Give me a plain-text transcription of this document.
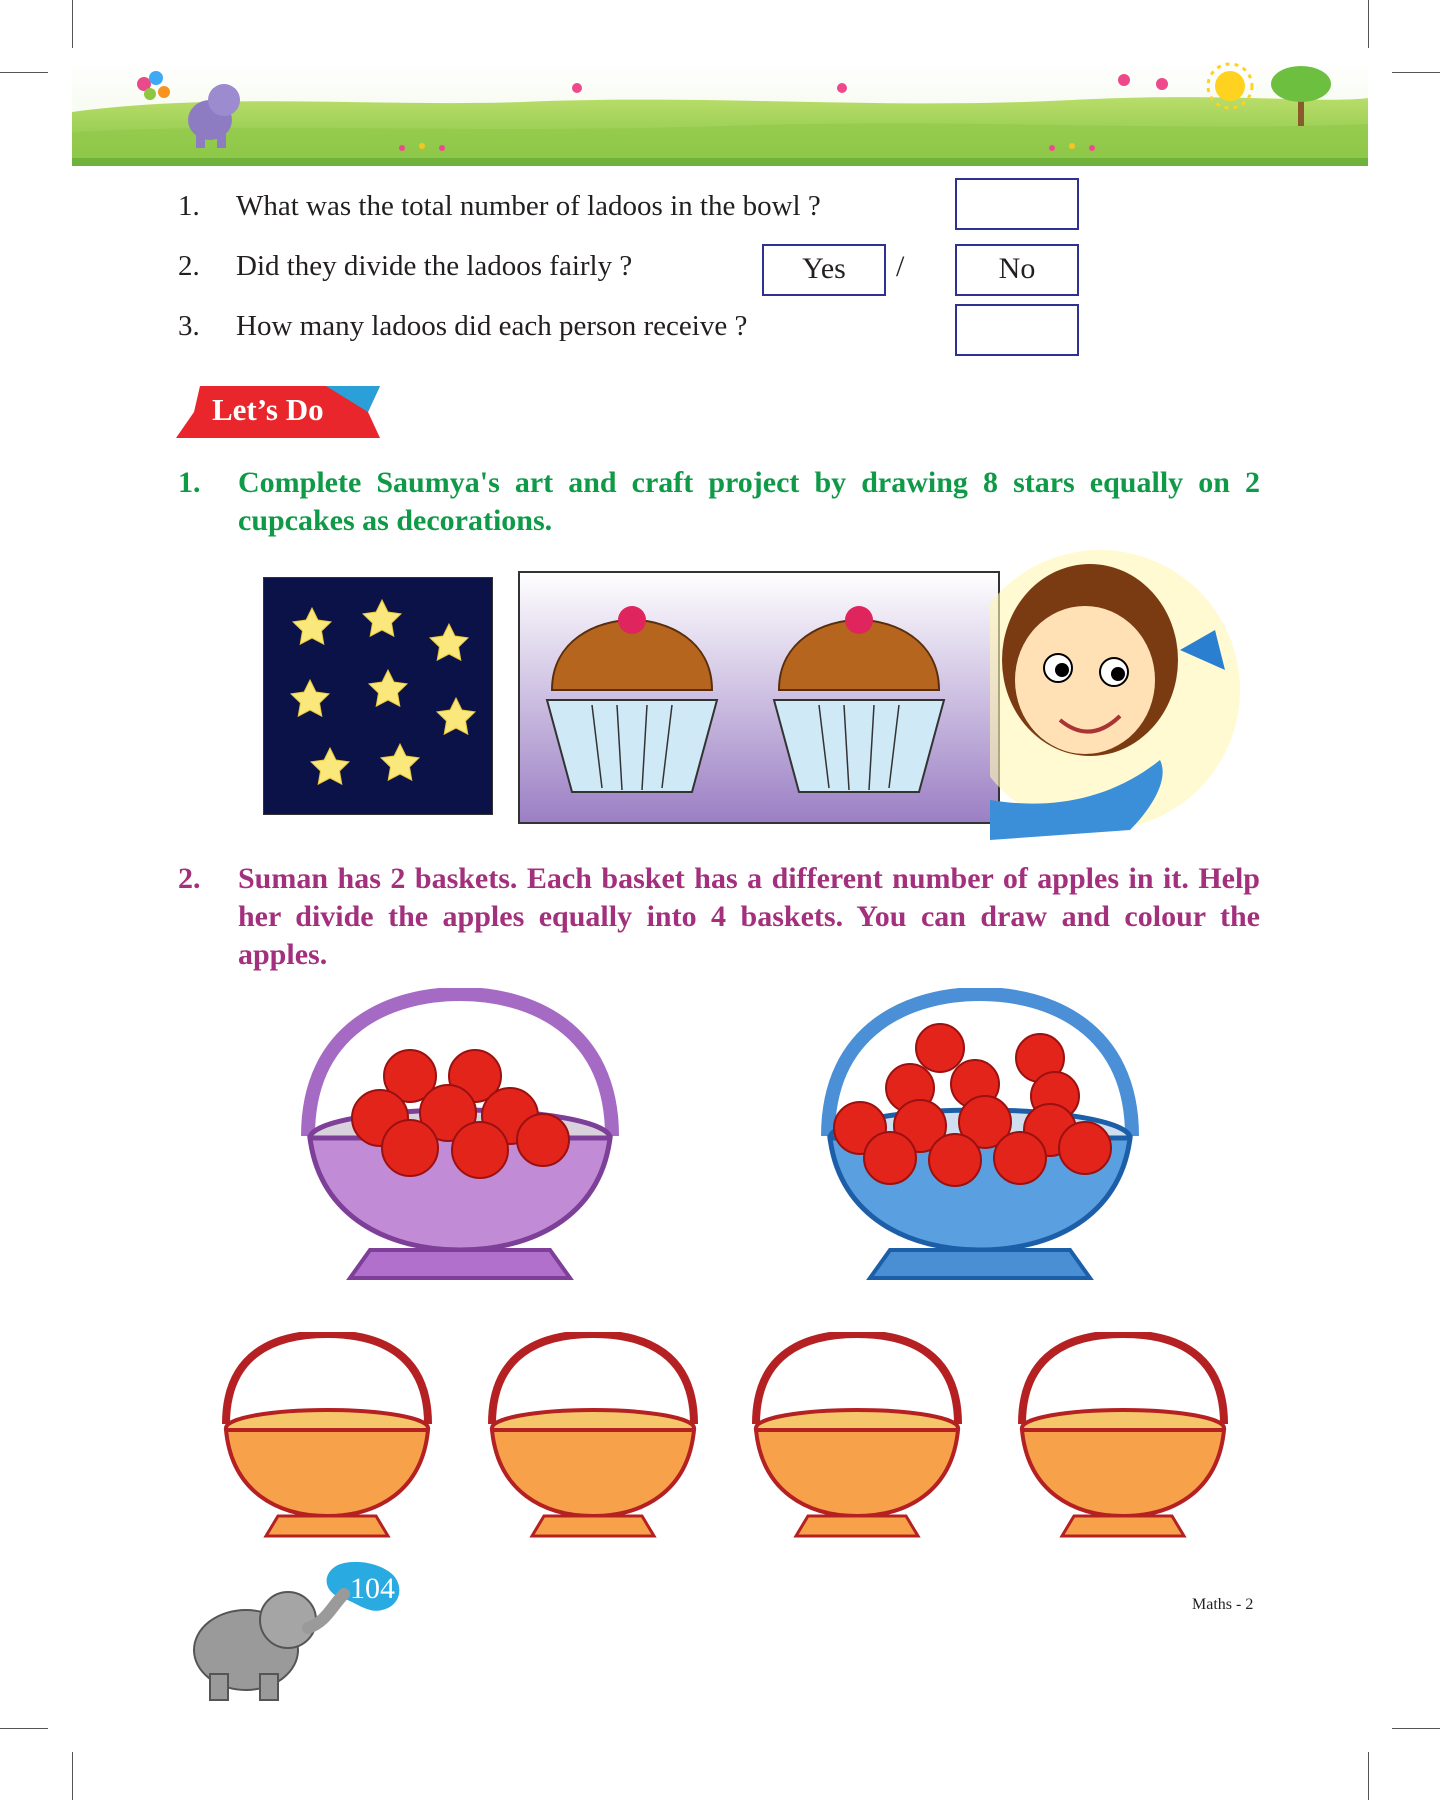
1. What was the total number of ladoos in the bowl ?
2. Did they divide the ladoos fairly ?	Yes	/	No
3. How many ladoos did each person receive ?
Let’s Do
1. Complete Saumya's art and craft project by drawing 8 stars equally on 2 cupcakes as decorations.
2. Suman has 2 baskets. Each basket has a different number of apples in it. Help her divide the apples equally into 4 baskets. You can draw and colour the apples.
104	Maths - 2
